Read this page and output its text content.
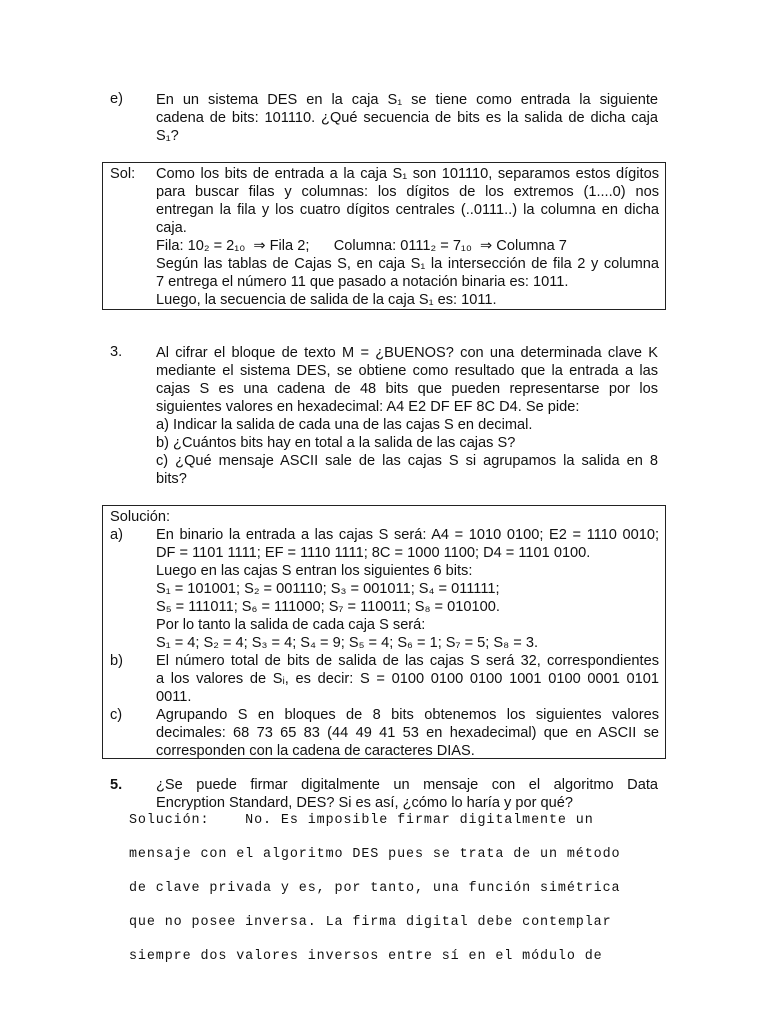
e) En un sistema DES en la caja S₁ se tiene como entrada la siguiente
cadena de bits: 101110. ¿Qué secuencia de bits es la salida de dicha caja
S₁?
Sol: Como los bits de entrada a la caja S₁ son 101110, separamos estos dígitos
para buscar filas y columnas: los dígitos de los extremos (1....0) nos
entregan la fila y los cuatro dígitos centrales (..0111..) la columna en dicha
caja.
Fila: 10₂ = 2₁₀  ⇒ Fila 2;      Columna: 0111₂ = 7₁₀  ⇒ Columna 7
Según las tablas de Cajas S, en caja S₁ la intersección de fila 2 y columna
7 entrega el número 11 que pasado a notación binaria es: 1011.
Luego, la secuencia de salida de la caja S₁ es: 1011.
3. Al cifrar el bloque de texto M = ¿BUENOS? con una determinada clave K
mediante el sistema DES, se obtiene como resultado que la entrada a las
cajas S es una cadena de 48 bits que pueden representarse por los
siguientes valores en hexadecimal: A4 E2 DF EF 8C D4. Se pide:
a) Indicar la salida de cada una de las cajas S en decimal.
b) ¿Cuántos bits hay en total a la salida de las cajas S?
c) ¿Qué mensaje ASCII sale de las cajas S si agrupamos la salida en 8
bits?
Solución:
a) En binario la entrada a las cajas S será: A4 = 1010 0100; E2 = 1110 0010;
DF = 1101 1111; EF = 1110 1111; 8C = 1000 1100; D4 = 1101 0100.
Luego en las cajas S entran los siguientes 6 bits:
S₁ = 101001; S₂ = 001110; S₃ = 001011; S₄ = 011111;
S₅ = 111011; S₆ = 111000; S₇ = 110011; S₈ = 010100.
Por lo tanto la salida de cada caja S será:
S₁ = 4; S₂ = 4; S₃ = 4; S₄ = 9; S₅ = 4; S₆ = 1; S₇ = 5; S₈ = 3.
b) El número total de bits de salida de las cajas S será 32, correspondientes
a los valores de Sᵢ, es decir: S = 0100 0100 0100 1001 0100 0001 0101
0011.
c) Agrupando S en bloques de 8 bits obtenemos los siguientes valores
decimales: 68 73 65 83 (44 49 41 53 en hexadecimal) que en ASCII se
corresponden con la cadena de caracteres DIAS.
5. ¿Se puede firmar digitalmente un mensaje con el algoritmo Data
Encryption Standard, DES? Si es así, ¿cómo lo haría y por qué?
Solución:    No. Es imposible firmar digitalmente un
mensaje con el algoritmo DES pues se trata de un método
de clave privada y es, por tanto, una función simétrica
que no posee inversa. La firma digital debe contemplar
siempre dos valores inversos entre sí en el módulo de
